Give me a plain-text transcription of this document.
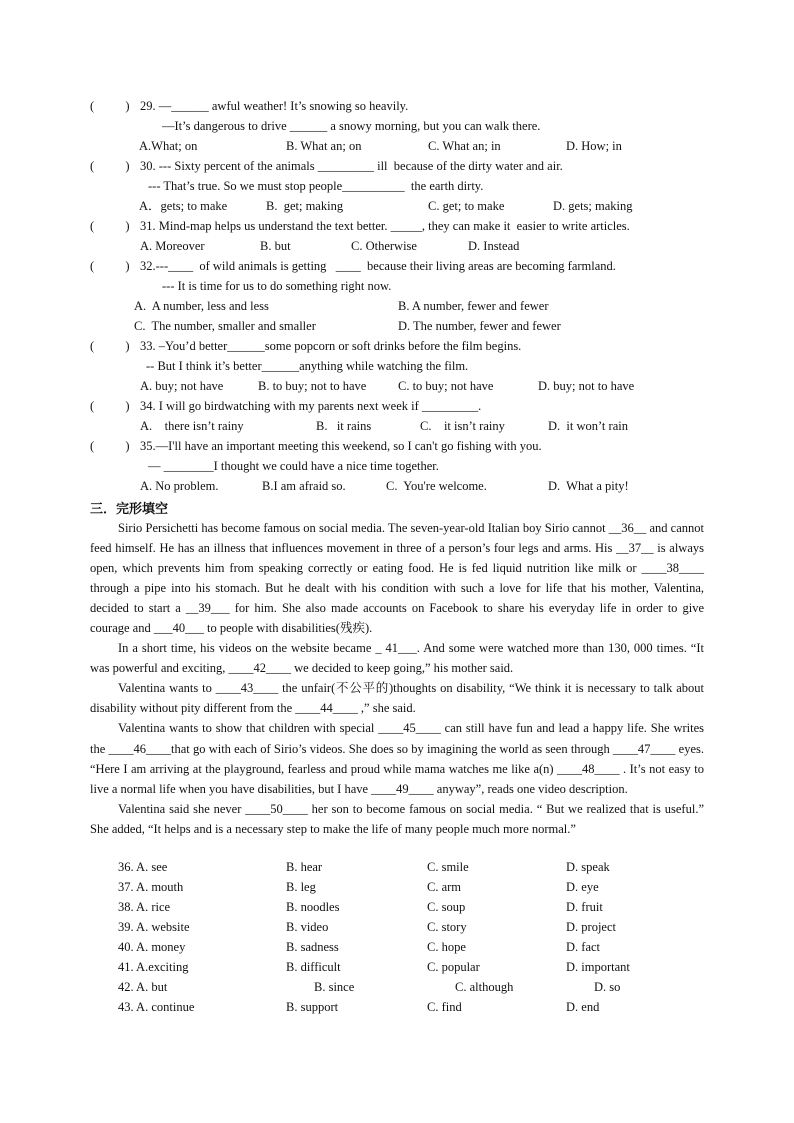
(          ) 29. —______ awful weather! It’s snowing so heavily.
—It’s dangerous to drive ______ a snowy morning, but you can walk there.

A.What; on

	B. What an; on

	C. What an; in

	D. How; in

(          ) 30. --- Sixty percent of the animals _________ ill  because of the dirty water and air.
--- That’s true. So we must stop people__________  the earth dirty.

A．gets; to make

	B.  get; making

	C. get; to make

	D. gets; making

(          ) 31. Mind-map helps us understand the text better. _____, they can make it  easier to write articles.

A. Moreover

	B. but

	C. Otherwise

	D. Instead

(          ) 32.---____  of wild animals is getting   ____  because their living areas are becoming farmland.
--- It is time for us to do something right now.

A.  A number, less and less

	B. A number, fewer and fewer

C.  The number, smaller and smaller

	D. The number, fewer and fewer

(          ) 33. –You’d better______some popcorn or soft drinks before the film begins.
-- But I think it’s better______anything while watching the film.

A. buy; not have

	B. to buy; not to have

	C. to buy; not have

	D. buy; not to have

(          ) 34. I will go birdwatching with my parents next week if _________.

A.    there isn’t rainy

	B.   it rains

	C.    it isn’t rainy

	D.  it won’t rain

(          ) 35.—I'll have an important meeting this weekend, so I can't go fishing with you.
— ________I thought we could have a nice time together.

A. No problem.

	B.I am afraid so.

	C.  You're welcome.

	D.  What a pity!

三．完形填空

Sirio Persichetti has become famous on social media. The seven-year-old Italian boy Sirio cannot __36__ and cannot feed himself. He has an illness that influences movement in three of a person’s four legs and arms. His __37__ is always open, which prevents him from speaking correctly or eating food. He is fed liquid nutrition like milk or ____38____ through a pipe into his stomach. But he dealt with his condition with such a love for life that his mother, Valentina, decided to start a __39___ for him. She also made accounts on Facebook to share his everyday life in order to give courage and ___40___ to people with disabilities(残疾).

In a short time, his videos on the website became _ 41___. And some were watched more than 130, 000 times. “It was powerful and exciting, ____42____ we decided to keep going,” his mother said.

Valentina wants to ____43____ the unfair(不公平的)thoughts on disability, “We think it is necessary to talk about disability without pity different from the ____44____ ,” she said.

Valentina wants to show that children with special ____45____ can still have fun and lead a happy life. She writes the ____46____that go with each of Sirio’s videos. She does so by imagining the world as seen through ____47____ eyes. “Here I am arriving at the playground, fearless and proud while mama watches me like a(n) ____48____ . It’s not easy to live a normal life when you have disabilities, but I have ____49____ anyway”, reads one video description.

Valentina said she never ____50____ her son to become famous on social media. “ But we realized that is useful.” She added, “It helps and is a necessary step to make the life of many people much more normal.”

36. A. see

	B. hear

	C. smile

	D. speak

37. A. mouth

	B. leg

	C. arm

	D. eye

38. A. rice

	B. noodles

	C. soup

	D. fruit

39. A. website

	B. video

	C. story

	D. project

40. A. money

	B. sadness

	C. hope

	D. fact

41. A.exciting

	B. difficult

	C. popular

	D. important

42. A. but

	B. since

	C. although

	D. so

43. A. continue

	B. support

	C. find

	D. end
